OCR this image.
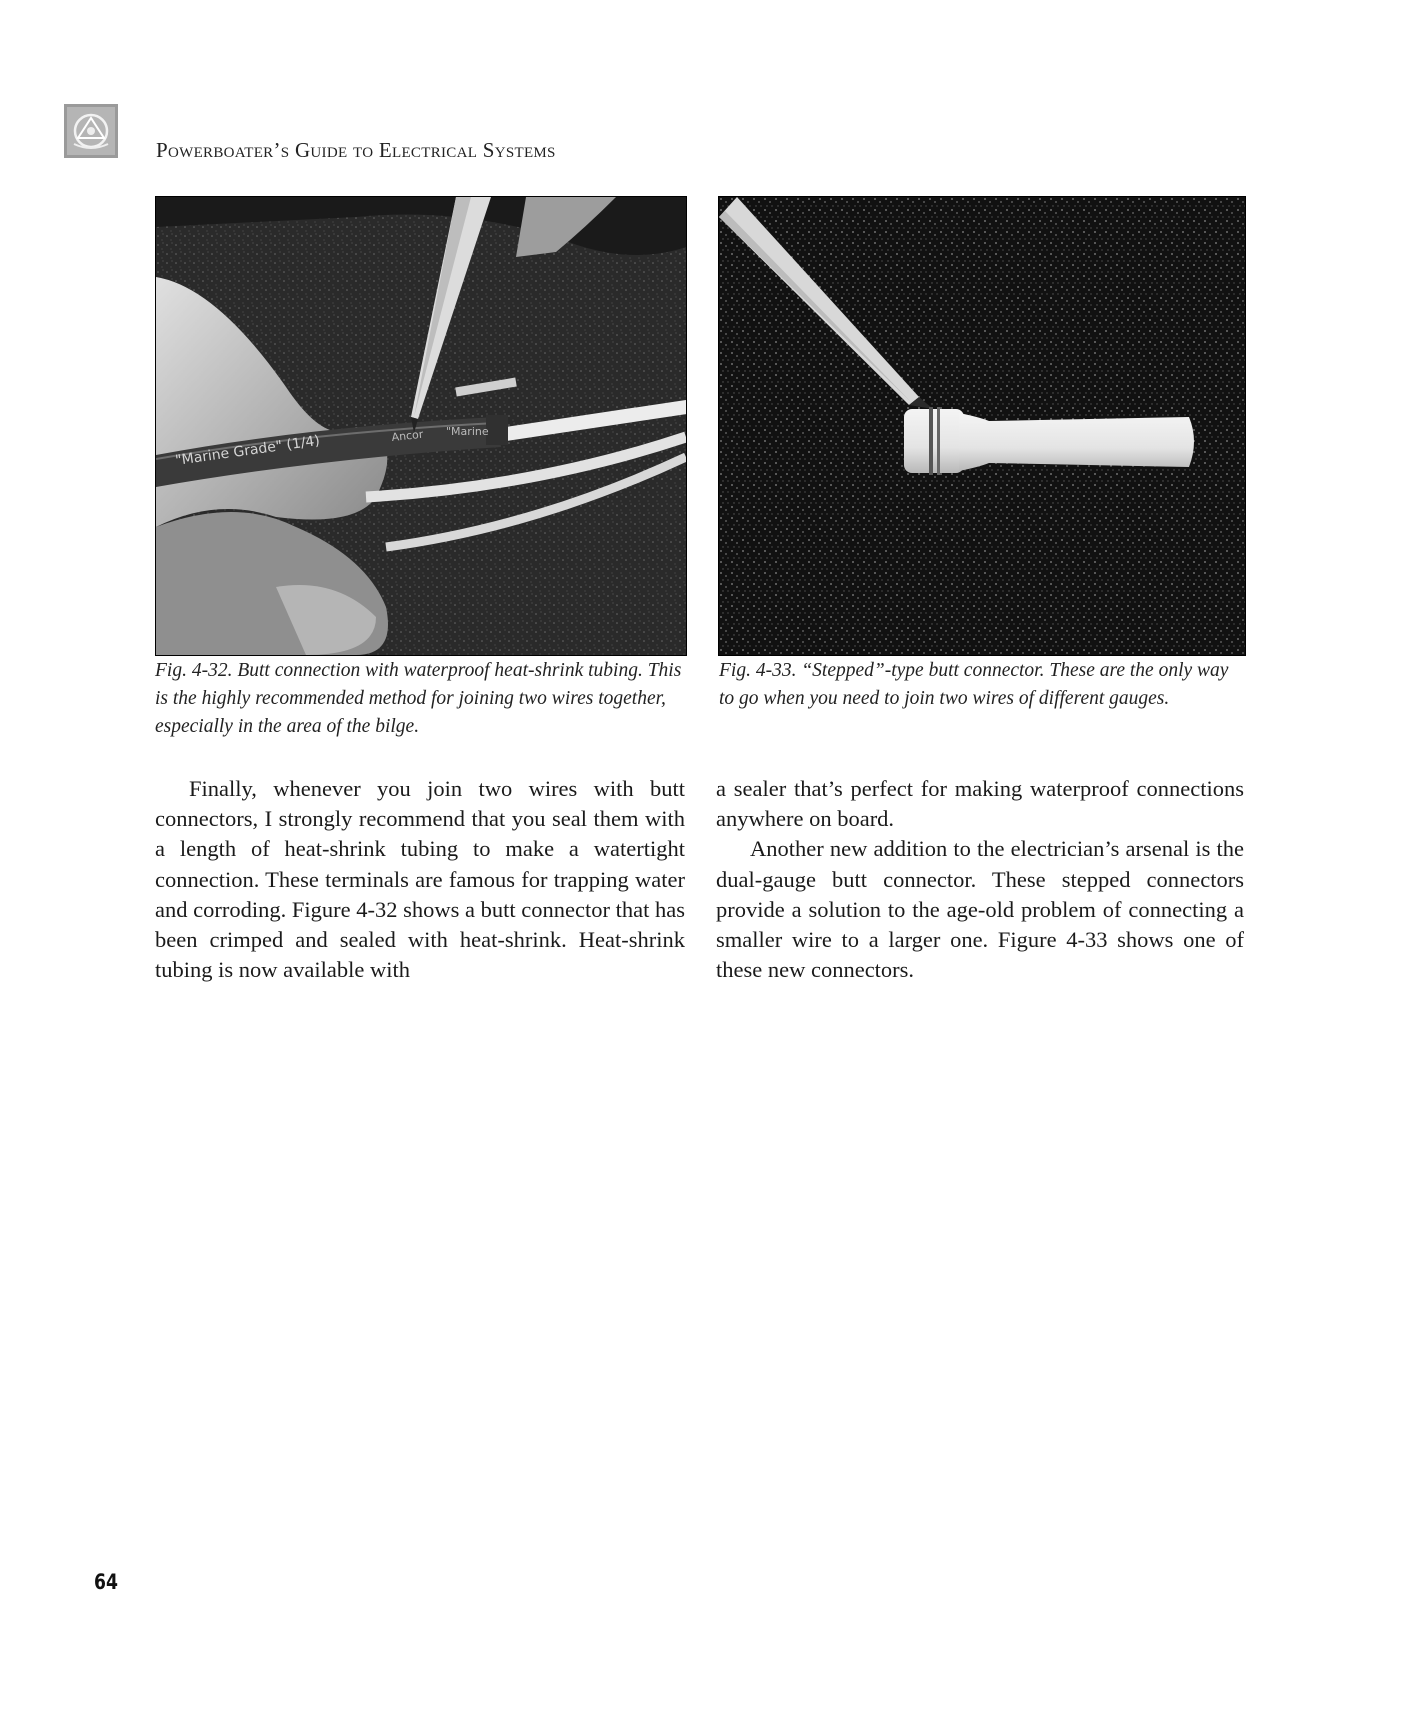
Powerboater’s Guide to Electrical Systems
"Marine Grade" (1/4)	Ancor "Marine
Fig. 4-32. Butt connection with waterproof heat-shrink tubing. This is the highly recommended method for joining two wires together, especially in the area of the bilge.
Fig. 4-33. “Stepped”-type butt connector. These are the only way to go when you need to join two wires of different gauges.

Finally, whenever you join two wires with butt connectors, I strongly recommend that you seal them with a length of heat-shrink tubing to make a watertight connection. These terminals are famous for trapping water and corroding. Figure 4-32 shows a butt connector that has been crimped and sealed with heat-shrink. Heat-shrink tubing is now available with

a sealer that’s perfect for making waterproof connections anywhere on board.

Another new addition to the electrician’s arsenal is the dual-gauge butt connector. These stepped connectors provide a solution to the age-old problem of connecting a smaller wire to a larger one. Figure 4-33 shows one of these new connectors.

64
